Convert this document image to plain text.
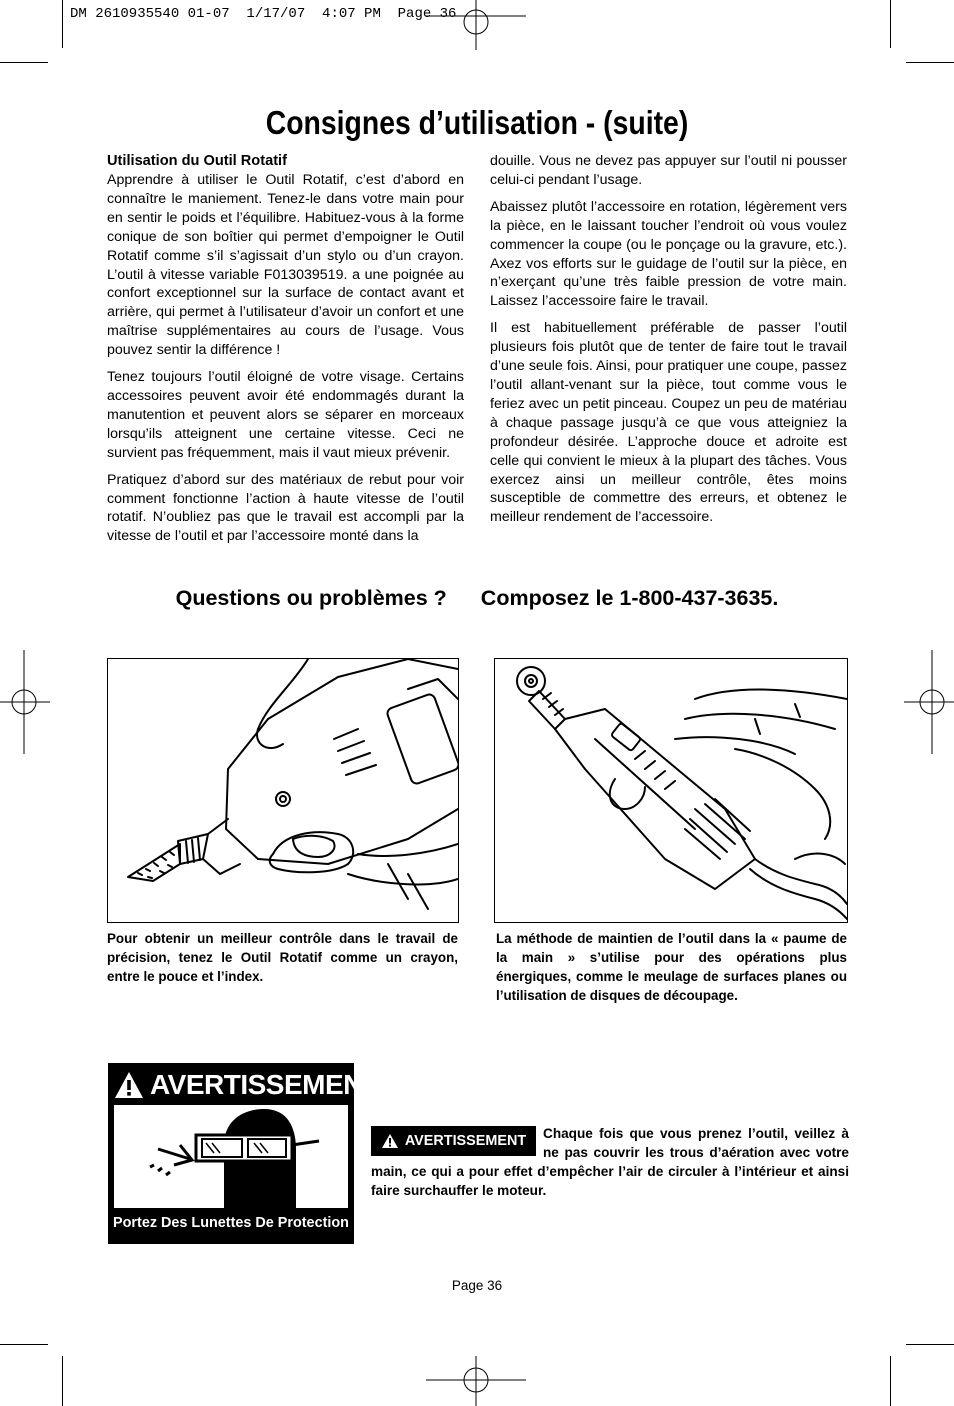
DM 2610935540 01-07  1/17/07  4:07 PM  Page 36
Consignes d’utilisation - (suite)
Utilisation du Outil Rotatif

Apprendre à utiliser le Outil Rotatif, c’est d’abord en connaître le maniement. Tenez-le dans votre main pour en sentir le poids et l’équilibre. Habituez-vous à la forme conique de son boîtier qui permet d’empoigner le Outil Rotatif comme s’il s’agissait d’un stylo ou d’un crayon. L’outil à vitesse variable F013039519. a une poignée au confort exceptionnel sur la surface de contact avant et arrière, qui permet à l’utilisateur d’avoir un confort et une maîtrise supplémentaires au cours de l’usage. Vous pouvez sentir la différence !

Tenez toujours l’outil éloigné de votre visage. Certains accessoires peuvent avoir été endommagés durant la manutention et peuvent alors se séparer en morceaux lorsqu’ils atteignent une certaine vitesse. Ceci ne survient pas fréquemment, mais il vaut mieux prévenir.

Pratiquez d’abord sur des matériaux de rebut pour voir comment fonctionne l’action à haute vitesse de l’outil rotatif. N’oubliez pas que le travail est accompli par la vitesse de l’outil et par l’accessoire monté dans la

douille. Vous ne devez pas appuyer sur l’outil ni pousser celui-ci pendant l’usage.

Abaissez plutôt l’accessoire en rotation, légèrement vers la pièce, en le laissant toucher l’endroit où vous voulez commencer la coupe (ou le ponçage ou la gravure, etc.). Axez vos efforts sur le guidage de l’outil sur la pièce, en n’exerçant qu’une très faible pression de votre main. Laissez l’accessoire faire le travail.

Il est habituellement préférable de passer l’outil plusieurs fois plutôt que de tenter de faire tout le travail d’une seule fois. Ainsi, pour pratiquer une coupe, passez l’outil allant-venant sur la pièce, tout comme vous le feriez avec un petit pinceau. Coupez un peu de matériau à chaque passage jusqu’à ce que vous atteigniez la profondeur désirée. L’approche douce et adroite est celle qui convient le mieux à la plupart des tâches. Vous exercez ainsi un meilleur contrôle, êtes moins susceptible de commettre des erreurs, et obtenez le meilleur rendement de l’accessoire.

Questions ou problèmes ? Composez le 1-800-437-3635.
Pour obtenir un meilleur contrôle dans le travail de précision, tenez le Outil Rotatif comme un crayon, entre le pouce et l’index.
La méthode de maintien de l’outil dans la « paume de la main » s’utilise pour des opérations plus énergiques, comme le meulage de surfaces planes ou l’utilisation de disques de découpage.
AVERTISSEMENT
Portez Des Lunettes De Protection
AVERTISSEMENT	Chaque fois que vous prenez l’outil, veillez à ne pas couvrir les trous d’aération avec votre main, ce qui a pour effet d’empêcher l’air de circuler à l’intérieur et ainsi faire surchauffer le moteur.
Page 36
